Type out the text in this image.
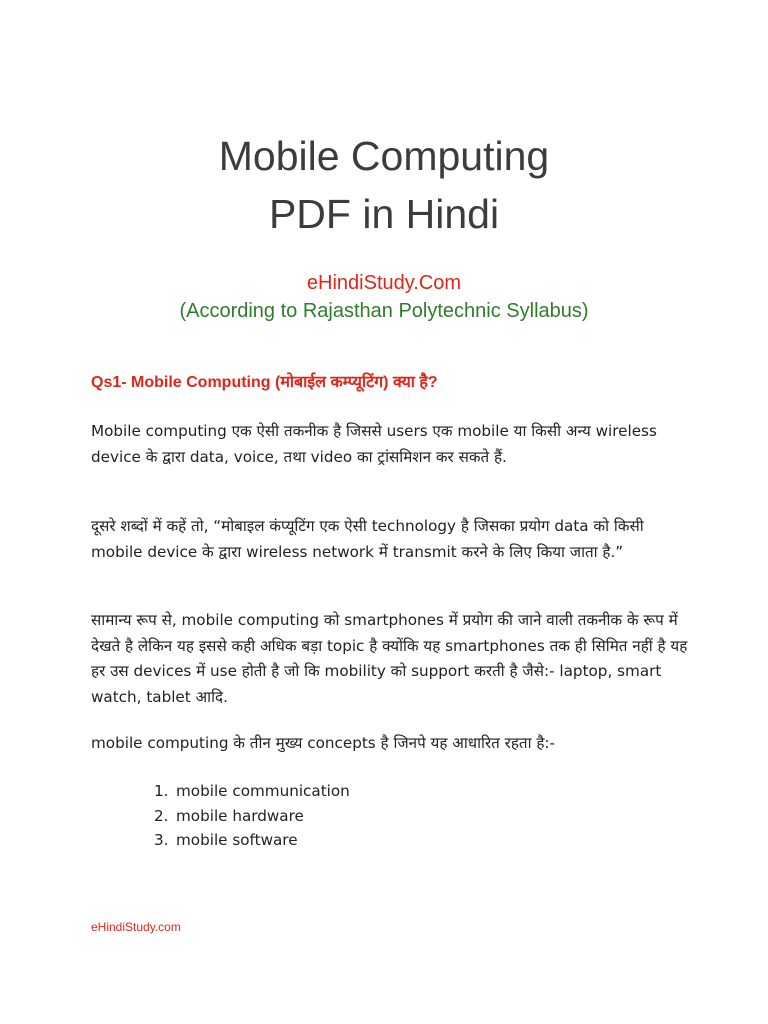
Mobile Computing
PDF in Hindi
eHindiStudy.Com
(According to Rajasthan Polytechnic Syllabus)
Qs1- Mobile Computing (मोबाईल कम्प्यूटिंग) क्या है?

Mobile computing एक ऐसी तकनीक है जिससे users एक mobile या किसी अन्य wireless device के द्वारा data, voice, तथा video का ट्रांसमिशन कर सकते हैं.

दूसरे शब्दों में कहें तो, “मोबाइल कंप्यूटिंग एक ऐसी technology है जिसका प्रयोग data को किसी mobile device के द्वारा wireless network में transmit करने के लिए किया जाता है.”

सामान्य रूप से, mobile computing को smartphones में प्रयोग की जाने वाली तकनीक के रूप में देखते है लेकिन यह इससे कही अधिक बड़ा topic है क्योंकि यह smartphones तक ही सिमित नहीं है यह हर उस devices में use होती है जो कि mobility को support करती है जैसे:- laptop, smart watch, tablet आदि.

mobile computing के तीन मुख्य concepts है जिनपे यह आधारित रहता है:-

1. mobile communication
2. mobile hardware
3. mobile software
eHindiStudy.com
